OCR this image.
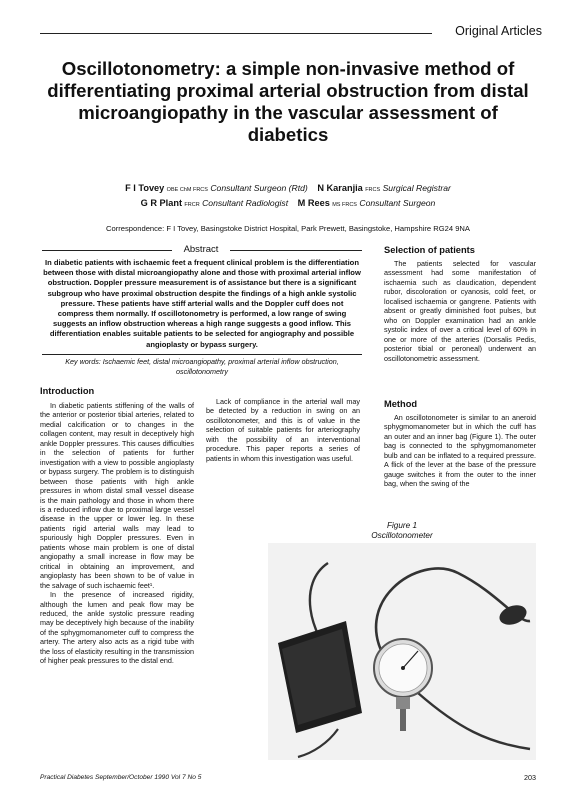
Original Articles
Oscillotonometry: a simple non-invasive method of differentiating proximal arterial obstruction from distal microangiopathy in the vascular assessment of diabetics
F I Tovey OBE ChM FRCS Consultant Surgeon (Rtd) N Karanjia FRCS Surgical Registrar
G R Plant FRCR Consultant Radiologist M Rees MS FRCS Consultant Surgeon
Correspondence: F I Tovey, Basingstoke District Hospital, Park Prewett, Basingstoke, Hampshire RG24 9NA
Abstract
In diabetic patients with ischaemic feet a frequent clinical problem is the differentiation between those with distal microangiopathy alone and those with proximal arterial inflow obstruction. Doppler pressure measurement is of assistance but there is a significant subgroup who have proximal obstruction despite the findings of a high ankle systolic pressure. These patients have stiff arterial walls and the Doppler cuff does not compress them normally. If oscillotonometry is performed, a low range of swing suggests an inflow obstruction whereas a high range suggests a good inflow. This differentiation enables suitable patients to be selected for angiography and possible angioplasty or bypass surgery.
Key words: Ischaemic feet, distal microangiopathy, proximal arterial inflow obstruction, oscillotonometry
Introduction

In diabetic patients stiffening of the walls of the anterior or posterior tibial arteries, related to medial calcification or to changes in the collagen content, may result in deceptively high ankle Doppler pressures. This causes difficulties in the selection of patients for further investigation with a view to possible angioplasty or bypass surgery. The problem is to distinguish between those patients with high ankle pressures in whom distal small vessel disease is the main pathology and those in whom there is a reduced inflow due to proximal large vessel disease in the upper or lower leg. In these patients rigid arterial walls may lead to spuriously high Doppler pressures. Even in patients whose main problem is one of distal angiopathy a small increase in flow may be critical in obtaining an improvement, and angioplasty has been shown to be of value in the salvage of such ischaemic feet¹.

In the presence of increased rigidity, although the lumen and peak flow may be reduced, the ankle systolic pressure reading may be deceptively high because of the inability of the sphygmomanometer cuff to compress the artery. The artery also acts as a rigid tube with the loss of elasticity resulting in the transmission of higher peak pressures to the distal end.

Lack of compliance in the arterial wall may be detected by a reduction in swing on an oscillotonometer, and this is of value in the selection of suitable patients for arteriography with the possibility of an interventional procedure. This paper reports a series of patients in whom this investigation was useful.

Selection of patients

The patients selected for vascular assessment had some manifestation of ischaemia such as claudication, dependent rubor, discoloration or cyanosis, cold feet, or localised ischaemia or gangrene. Patients with absent or greatly diminished foot pulses, but who on Doppler examination had an ankle systolic index of over a critical level of 60% in one or more of the arteries (Dorsalis Pedis, posterior tibial or peroneal) underwent an oscillotonometric assessment.

Method

An oscillotonometer is similar to an aneroid sphygmomanometer but in which the cuff has an outer and an inner bag (Figure 1). The outer bag is connected to the sphygmomanometer bulb and can be inflated to a required pressure. A flick of the lever at the base of the pressure gauge switches it from the outer to the inner bag, when the swing of the

Figure 1
Oscillotonometer
Practical Diabetes September/October 1990 Vol 7 No 5	203
